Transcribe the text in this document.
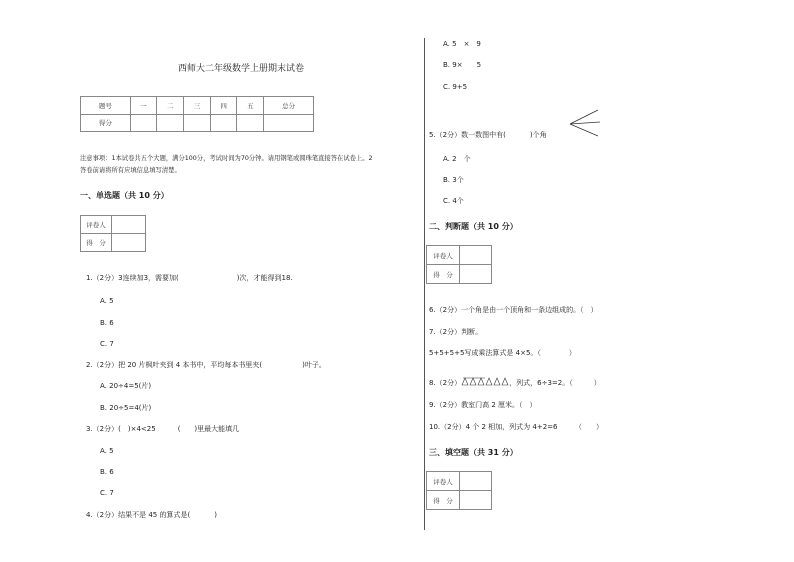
西师大二年级数学上册期末试卷
题号	一	二	三	四	五	总分
得分						
注意事项：1本试卷共五个大题，满分100分，考试时间为70分钟。请用钢笔或圆珠笔直接答在试卷上。2
答卷前请将所有应填信息填写清楚。
一、单选题（共 10 分）
评卷人	
得　分	
1.（2分）3连续加3，需要加(	)次，才能得到18.
A. 5
B. 6
C. 7
2.（2分）把 20 片枫叶夹到 4 本书中，平均每本书里夹(	)叶子。
A. 20÷4=5(片)
B. 20÷5=4(片)
3.（2分）(　)×4<25	(　　)里最大能填几
A. 5
B. 6
C. 7
4.（2分）结果不是 45 的算式是(	)
A. 5　×　9
B. 9×　　5
C. 9+5
5.（2分）数一数图中有(	)个角
A. 2　个
B. 3个
C. 4个
二、判断题（共 10 分）
评卷人	
得　分	
6.（2分）一个角是由一个顶角和一条边组成的。（　）
7.（2分）判断。
5+5+5+5写成乘法算式是 4×5。（　　　　）
8.（2分）	，列式，6÷3=2。（　　　）
9.（2分）教室门高 2 厘米。（　）
10.（2分）4 个 2 相加，列式为 4+2=6　　　（　　）
三、填空题（共 31 分）
评卷人	
得　分	
